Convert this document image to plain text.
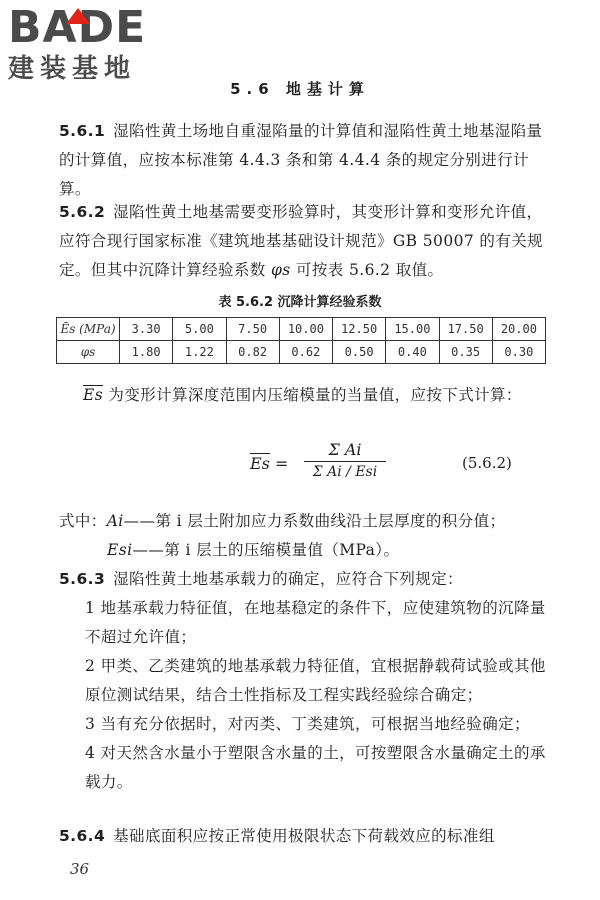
BADE
建装基地
5.6 地基计算
5.6.1 湿陷性黄土场地自重湿陷量的计算值和湿陷性黄土地基湿陷量的计算值，应按本标准第 4.4.3 条和第 4.4.4 条的规定分别进行计算。
5.6.2 湿陷性黄土地基需要变形验算时，其变形计算和变形允许值，应符合现行国家标准《建筑地基基础设计规范》GB 50007 的有关规定。但其中沉降计算经验系数 φs 可按表 5.6.2 取值。
表 5.6.2 沉降计算经验系数
Ēs (MPa)	3.30	5.00	7.50	10.00	12.50	15.00	17.50	20.00
φs	1.80	1.22	0.82	0.62	0.50	0.40	0.35	0.30
$\overline{Es}$ 为变形计算深度范围内压缩模量的当量值，应按下式计算：
$\overline{Es}$ =
Σ Ai
Σ Ai / Esi	(5.6.2)
式中：Ai——第 i 层土附加应力系数曲线沿土层厚度的积分值；
Esi——第 i 层土的压缩模量值（MPa）。
5.6.3 湿陷性黄土地基承载力的确定，应符合下列规定：
1 地基承载力特征值，在地基稳定的条件下，应使建筑物的沉降量不超过允许值；
2 甲类、乙类建筑的地基承载力特征值，宜根据静载荷试验或其他原位测试结果，结合土性指标及工程实践经验综合确定；
3 当有充分依据时，对丙类、丁类建筑，可根据当地经验确定；
4 对天然含水量小于塑限含水量的土，可按塑限含水量确定土的承载力。
5.6.4 基础底面积应按正常使用极限状态下荷载效应的标准组
36
